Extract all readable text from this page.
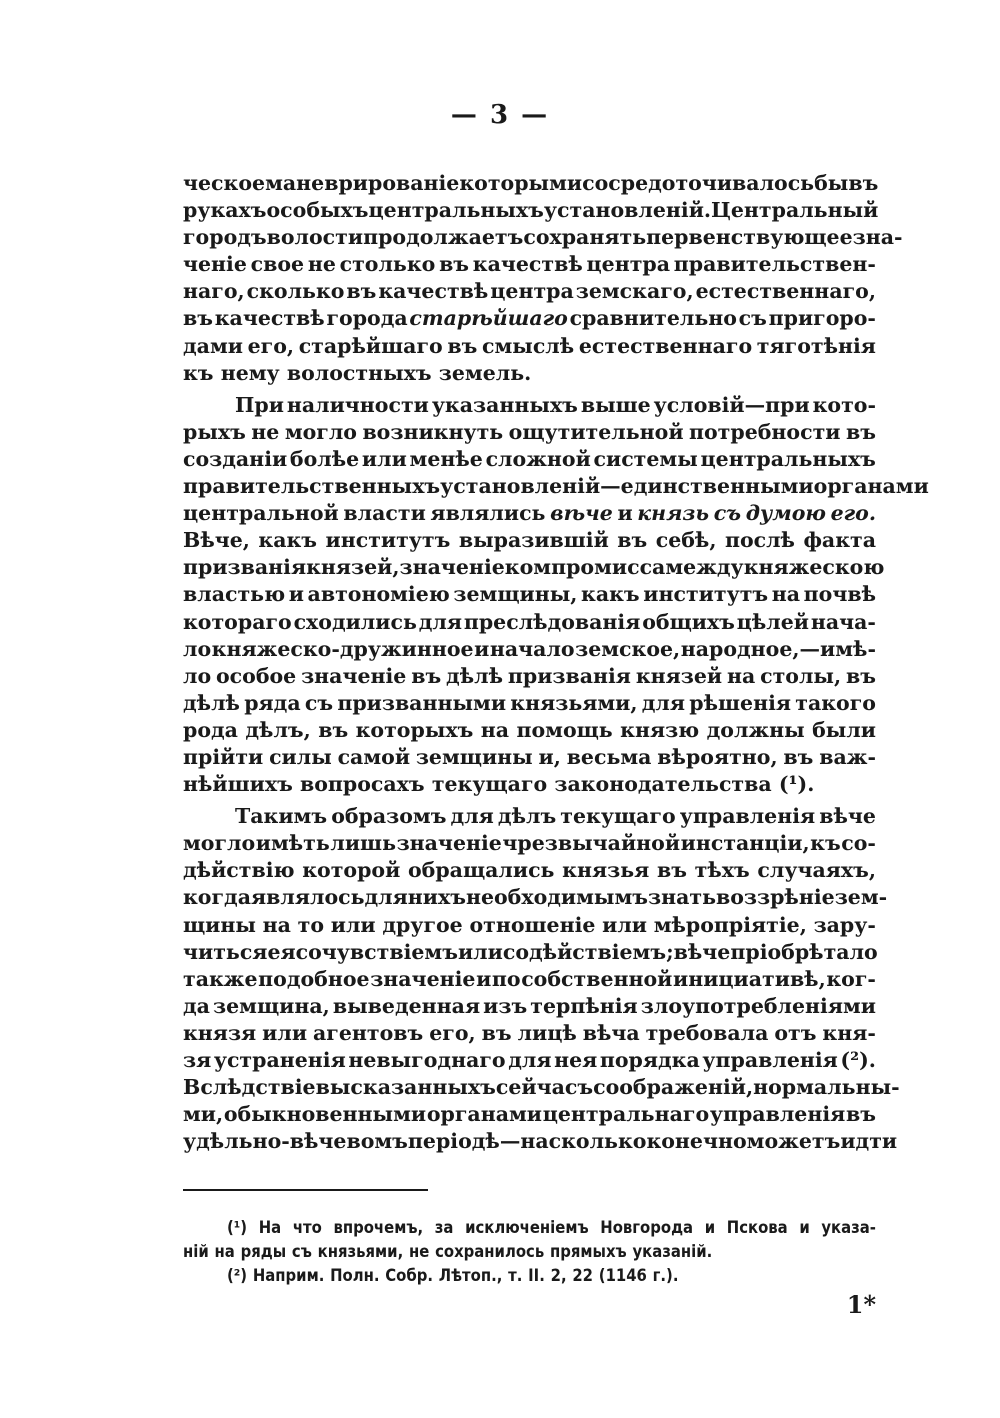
— 3 —
ческое маневрированіе которыми сосредоточивалось бы въ
рукахъ особыхъ центральныхъ установленій. Центральный
городъ волости продолжаетъ сохранять первенствующее зна-
ченіе свое не столько въ качествѣ центра правительствен-
наго, сколько въ качествѣ центра земскаго, естественнаго,
въ качествѣ города старѣйшаго сравнительно съ пригоро-
дами его, старѣйшаго въ смыслѣ естественнаго тяготѣнія
къ нему волостныхъ земель.
При наличности указанныхъ выше условій—при кото-
рыхъ не могло возникнуть ощутительной потребности въ
созданіи болѣе или менѣе сложной системы центральныхъ
правительственныхъ установленій—единственными органами
центральной власти являлись вѣче и князь съ думою его.
Вѣче, какъ институтъ выразившій въ себѣ, послѣ факта
призванія князей, значеніе компромисса между княжескою
властью и автономіею земщины, какъ институтъ на почвѣ
котораго сходились для преслѣдованія общихъ цѣлей нача-
ло княжеско-дружинное и начало земское, народное,—имѣ-
ло особое значеніе въ дѣлѣ призванія князей на столы, въ
дѣлѣ ряда съ призванными князьями, для рѣшенія такого
рода дѣлъ, въ которыхъ на помощь князю должны были
прійти силы самой земщины и, весьма вѣроятно, въ важ-
нѣйшихъ вопросахъ текущаго законодательства (¹).
Такимъ образомъ для дѣлъ текущаго управленія вѣче
могло имѣть лишь значеніе чрезвычайной инстанціи, къ со-
дѣйствію которой обращались князья въ тѣхъ случаяхъ,
когда являлось для нихъ необходимымъ знать воззрѣніе зем-
щины на то или другое отношеніе или мѣропріятіе, зару-
читься ея сочувствіемъ или содѣйствіемъ; вѣче пріобрѣтало
также подобное значеніе и по собственной инициативѣ, ког-
да земщина, выведенная изъ терпѣнія злоупотребленіями
князя или агентовъ его, въ лицѣ вѣча требовала отъ кня-
зя устраненія невыгоднаго для нея порядка управленія (²).
Вслѣдствіе высказанныхъ сейчасъ соображеній, нормальны-
ми, обыкновенными органами центральнаго управленія въ
удѣльно-вѣчевомъ періодѣ—на сколько конечно можетъ идти
(¹) На что впрочемъ, за исключеніемъ Новгорода и Пскова и указа-
ній на ряды съ князьями, не сохранилось прямыхъ указаній.
(²) Наприм. Полн. Собр. Лѣтоп., т. II. 2, 22 (1146 г.).
1*
